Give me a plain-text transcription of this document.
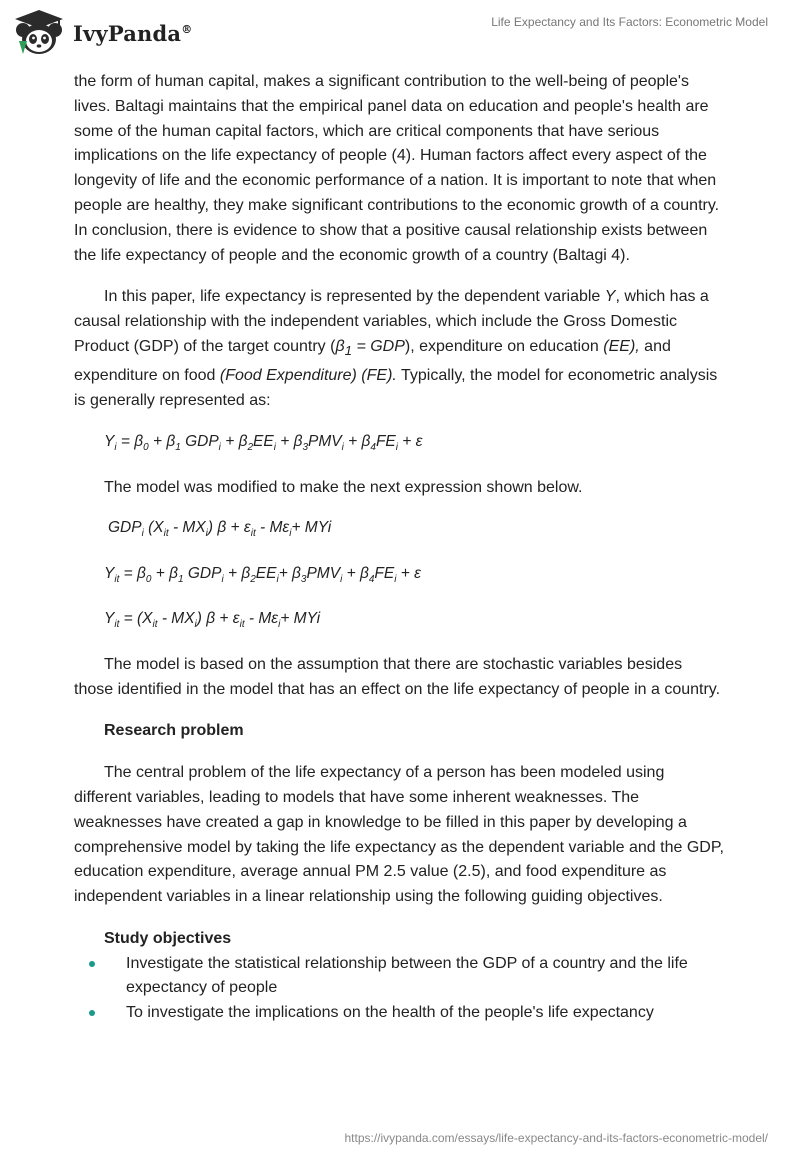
IvyPanda®	Life Expectancy and Its Factors: Econometric Model

the form of human capital, makes a significant contribution to the well-being of people's lives. Baltagi maintains that the empirical panel data on education and people's health are some of the human capital factors, which are critical components that have serious implications on the life expectancy of people (4). Human factors affect every aspect of the longevity of life and the economic performance of a nation. It is important to note that when people are healthy, they make significant contributions to the economic growth of a country. In conclusion, there is evidence to show that a positive causal relationship exists between the life expectancy of people and the economic growth of a country (Baltagi 4).

In this paper, life expectancy is represented by the dependent variable Y, which has a causal relationship with the independent variables, which include the Gross Domestic Product (GDP) of the target country $(\beta_1 = GDP)$, expenditure on education (EE), and expenditure on food (Food Expenditure) (FE). Typically, the model for econometric analysis is generally represented as:

$Y_i = \beta_0 + \beta_1$ $GDP_i + \beta_2EE_i + \beta_3PMV_i + \beta_4FE_i + \varepsilon$

The model was modified to make the next expression shown below.

$GDP_i$ $(X_{it} - MX_i) \beta + \varepsilon_{it} - M\varepsilon_i+$ MYi

$Y_{it} = \beta_0 + \beta_1$ $GDP_i + \beta_2EE_i+ \beta_3PMV_i + \beta_4FE_i + \varepsilon$

$Y_{it} = (X_{it} - MX_i) \beta + \varepsilon_{it} - M\varepsilon_i+$ MYi

The model is based on the assumption that there are stochastic variables besides those identified in the model that has an effect on the life expectancy of people in a country.

Research problem

The central problem of the life expectancy of a person has been modeled using different variables, leading to models that have some inherent weaknesses. The weaknesses have created a gap in knowledge to be filled in this paper by developing a comprehensive model by taking the life expectancy as the dependent variable and the GDP, education expenditure, average annual PM 2.5 value (2.5), and food expenditure as independent variables in a linear relationship using the following guiding objectives.

Study objectives

Investigate the statistical relationship between the GDP of a country and the life expectancy of people
To investigate the implications on the health of the people's life expectancy
https://ivypanda.com/essays/life-expectancy-and-its-factors-econometric-model/
